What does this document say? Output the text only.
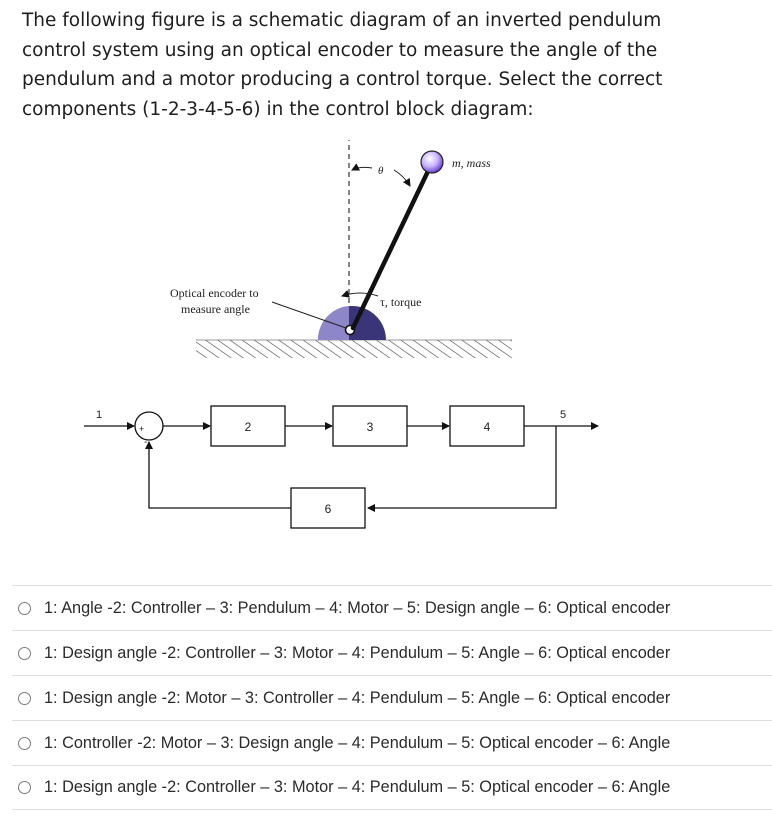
The following figure is a schematic diagram of an inverted pendulum
control system using an optical encoder to measure the angle of the
pendulum and a motor producing a control torque. Select the correct
components (1-2-3-4-5-6) in the control block diagram:
θ
m, mass
τ, torque
Optical encoder to
measure angle
1
+
-
2	3	4
5
6
1: Angle -2: Controller – 3: Pendulum – 4: Motor – 5: Design angle – 6: Optical encoder
1: Design angle -2: Controller – 3: Motor – 4: Pendulum – 5: Angle – 6: Optical encoder
1: Design angle -2: Motor – 3: Controller – 4: Pendulum – 5: Angle – 6: Optical encoder
1: Controller -2: Motor – 3: Design angle – 4: Pendulum – 5: Optical encoder – 6: Angle
1: Design angle -2: Controller – 3: Motor – 4: Pendulum – 5: Optical encoder – 6: Angle
